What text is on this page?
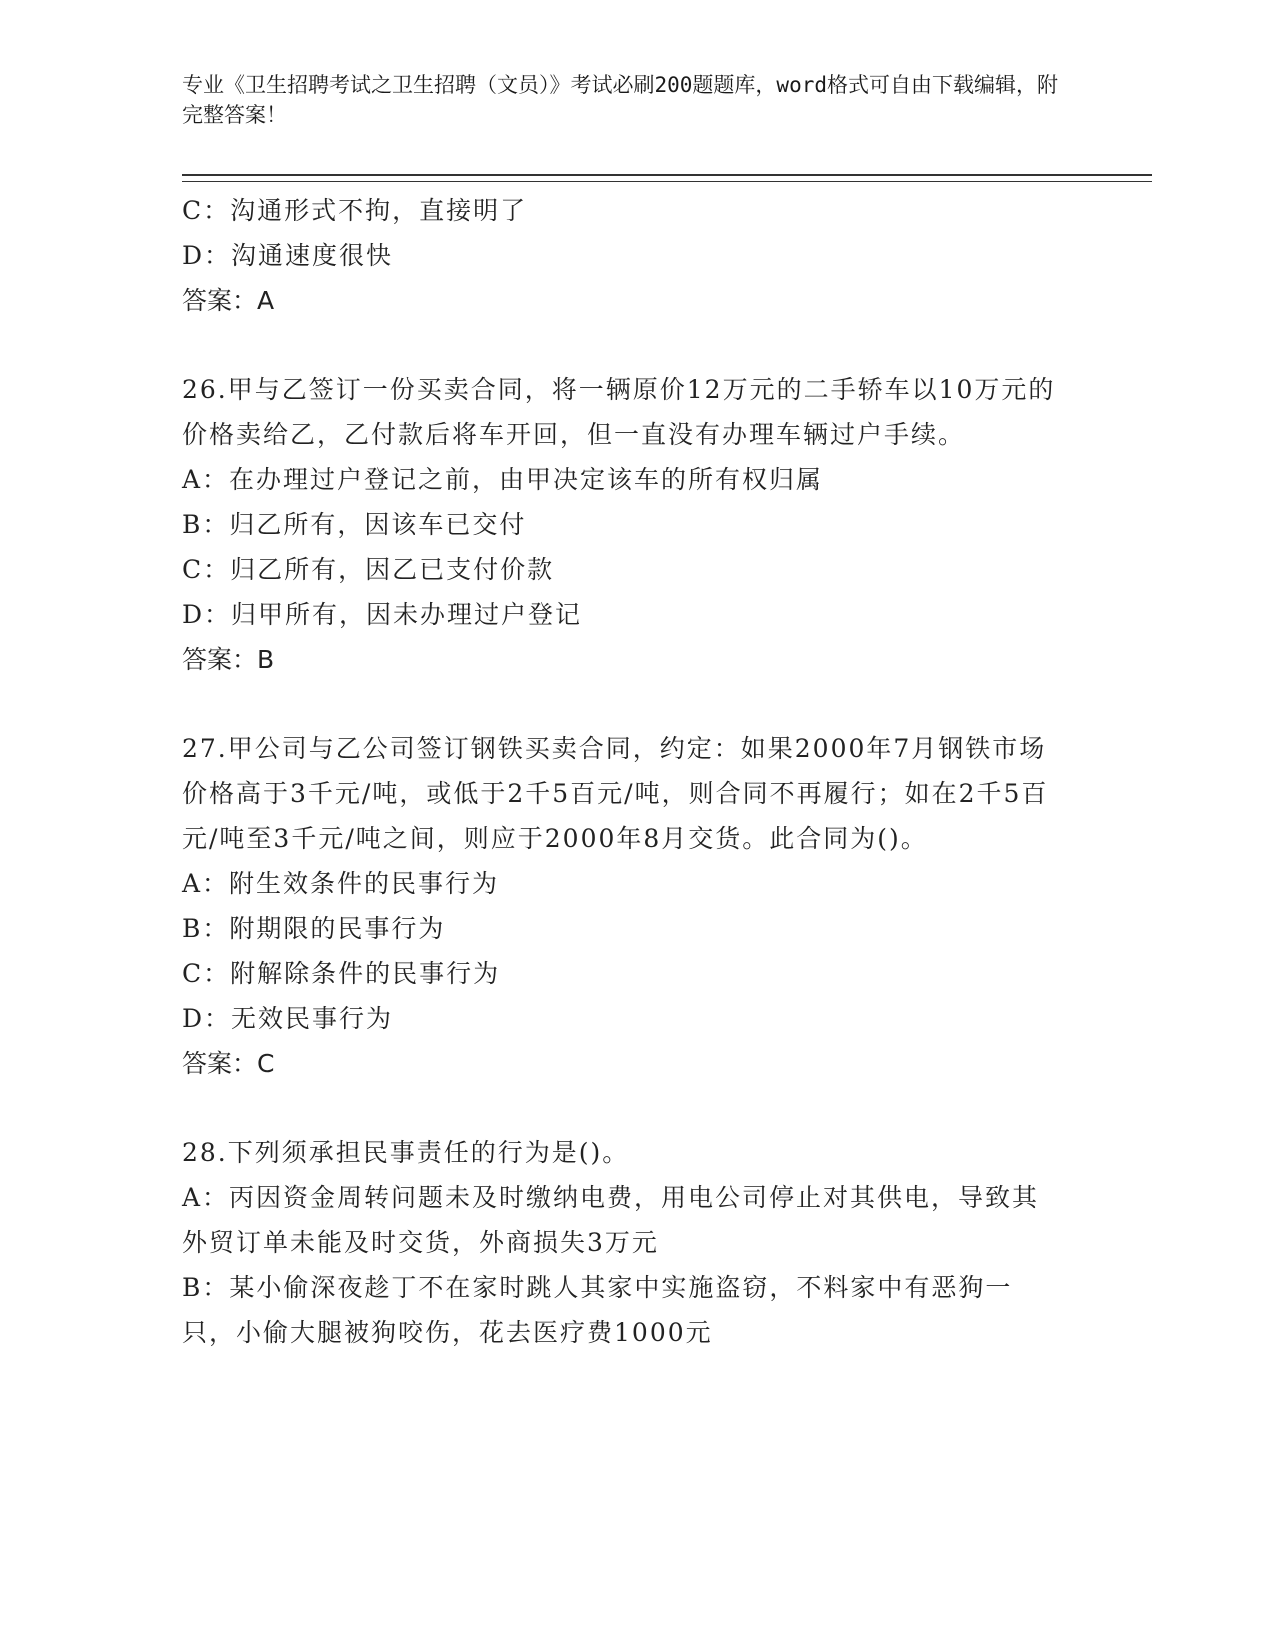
专业《卫生招聘考试之卫生招聘（文员）》考试必刷200题题库，word格式可自由下载编辑，附完整答案！
C：沟通形式不拘，直接明了
D：沟通速度很快
答案：A
26.甲与乙签订一份买卖合同，将一辆原价12万元的二手轿车以10万元的价格卖给乙，乙付款后将车开回，但一直没有办理车辆过户手续。
A：在办理过户登记之前，由甲决定该车的所有权归属
B：归乙所有，因该车已交付
C：归乙所有，因乙已支付价款
D：归甲所有，因未办理过户登记
答案：B
27.甲公司与乙公司签订钢铁买卖合同，约定：如果2000年7月钢铁市场价格高于3千元/吨，或低于2千5百元/吨，则合同不再履行；如在2千5百元/吨至3千元/吨之间，则应于2000年8月交货。此合同为()。
A：附生效条件的民事行为
B：附期限的民事行为
C：附解除条件的民事行为
D：无效民事行为
答案：C
28.下列须承担民事责任的行为是()。
A：丙因资金周转问题未及时缴纳电费，用电公司停止对其供电，导致其外贸订单未能及时交货，外商损失3万元
B：某小偷深夜趁丁不在家时跳人其家中实施盗窃，不料家中有恶狗一只，小偷大腿被狗咬伤，花去医疗费1000元
